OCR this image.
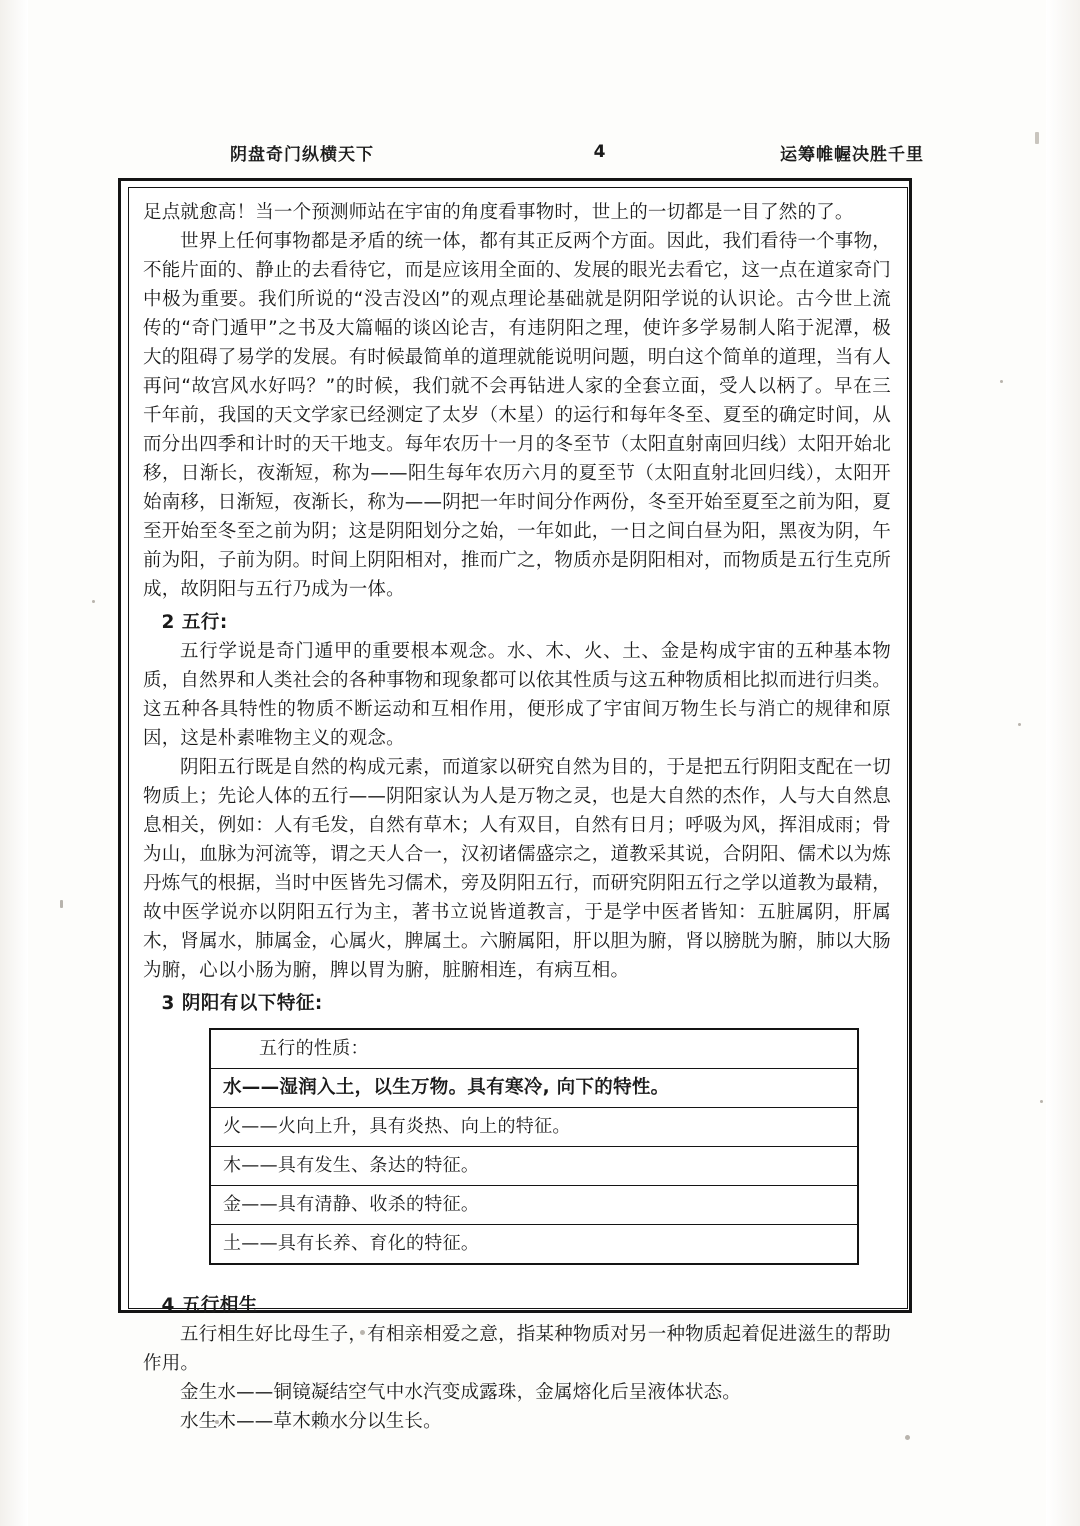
阴盘奇门纵横天下	4	运筹帷幄决胜千里

足点就愈高！当一个预测师站在宇宙的角度看事物时，世上的一切都是一目了然的了。

世界上任何事物都是矛盾的统一体，都有其正反两个方面。因此，我们看待一个事物，不能片面的、静止的去看待它，而是应该用全面的、发展的眼光去看它，这一点在道家奇门中极为重要。我们所说的“没吉没凶”的观点理论基础就是阴阳学说的认识论。古今世上流传的“奇门遁甲”之书及大篇幅的谈凶论吉，有违阴阳之理，使许多学易制人陷于泥潭，极大的阻碍了易学的发展。有时候最简单的道理就能说明问题，明白这个简单的道理，当有人再问“故宫风水好吗？”的时候，我们就不会再钻进人家的全套立面，受人以柄了。早在三千年前，我国的天文学家已经测定了太岁（木星）的运行和每年冬至、夏至的确定时间，从而分出四季和计时的天干地支。每年农历十一月的冬至节（太阳直射南回归线）太阳开始北移，日渐长，夜渐短，称为——阳生每年农历六月的夏至节（太阳直射北回归线），太阳开始南移，日渐短，夜渐长，称为——阴把一年时间分作两份，冬至开始至夏至之前为阳，夏至开始至冬至之前为阴；这是阴阳划分之始，一年如此，一日之间白昼为阳，黑夜为阴，午前为阳，子前为阴。时间上阴阳相对，推而广之，物质亦是阴阳相对，而物质是五行生克所成，故阴阳与五行乃成为一体。

2 五行:

五行学说是奇门遁甲的重要根本观念。水、木、火、土、金是构成宇宙的五种基本物质，自然界和人类社会的各种事物和现象都可以依其性质与这五种物质相比拟而进行归类。这五种各具特性的物质不断运动和互相作用，便形成了宇宙间万物生长与消亡的规律和原因，这是朴素唯物主义的观念。

阴阳五行既是自然的构成元素，而道家以研究自然为目的，于是把五行阴阳支配在一切物质上；先论人体的五行——阴阳家认为人是万物之灵，也是大自然的杰作，人与大自然息息相关，例如：人有毛发，自然有草木；人有双目，自然有日月；呼吸为风，挥泪成雨；骨为山，血脉为河流等，谓之天人合一，汉初诸儒盛宗之，道教采其说，合阴阳、儒术以为炼丹炼气的根据，当时中医皆先习儒术，旁及阴阳五行，而研究阴阳五行之学以道教为最精，故中医学说亦以阴阳五行为主，著书立说皆道教言，于是学中医者皆知：五脏属阴，肝属木，肾属水，肺属金，心属火，脾属土。六腑属阳，肝以胆为腑，肾以膀胱为腑，肺以大肠为腑，心以小肠为腑，脾以胃为腑，脏腑相连，有病互相。

3 阴阳有以下特征:
五行的性质：
水——湿润入土，以生万物。具有寒冷, 向下的特性。
火——火向上升，具有炎热、向上的特征。
木——具有发生、条达的特征。
金——具有清静、收杀的特征。
土——具有长养、育化的特征。
4 五行相生

五行相生好比母生子，有相亲相爱之意，指某种物质对另一种物质起着促进滋生的帮助作用。

金生水——铜镜凝结空气中水汽变成露珠，金属熔化后呈液体状态。

水生木——草木赖水分以生长。
